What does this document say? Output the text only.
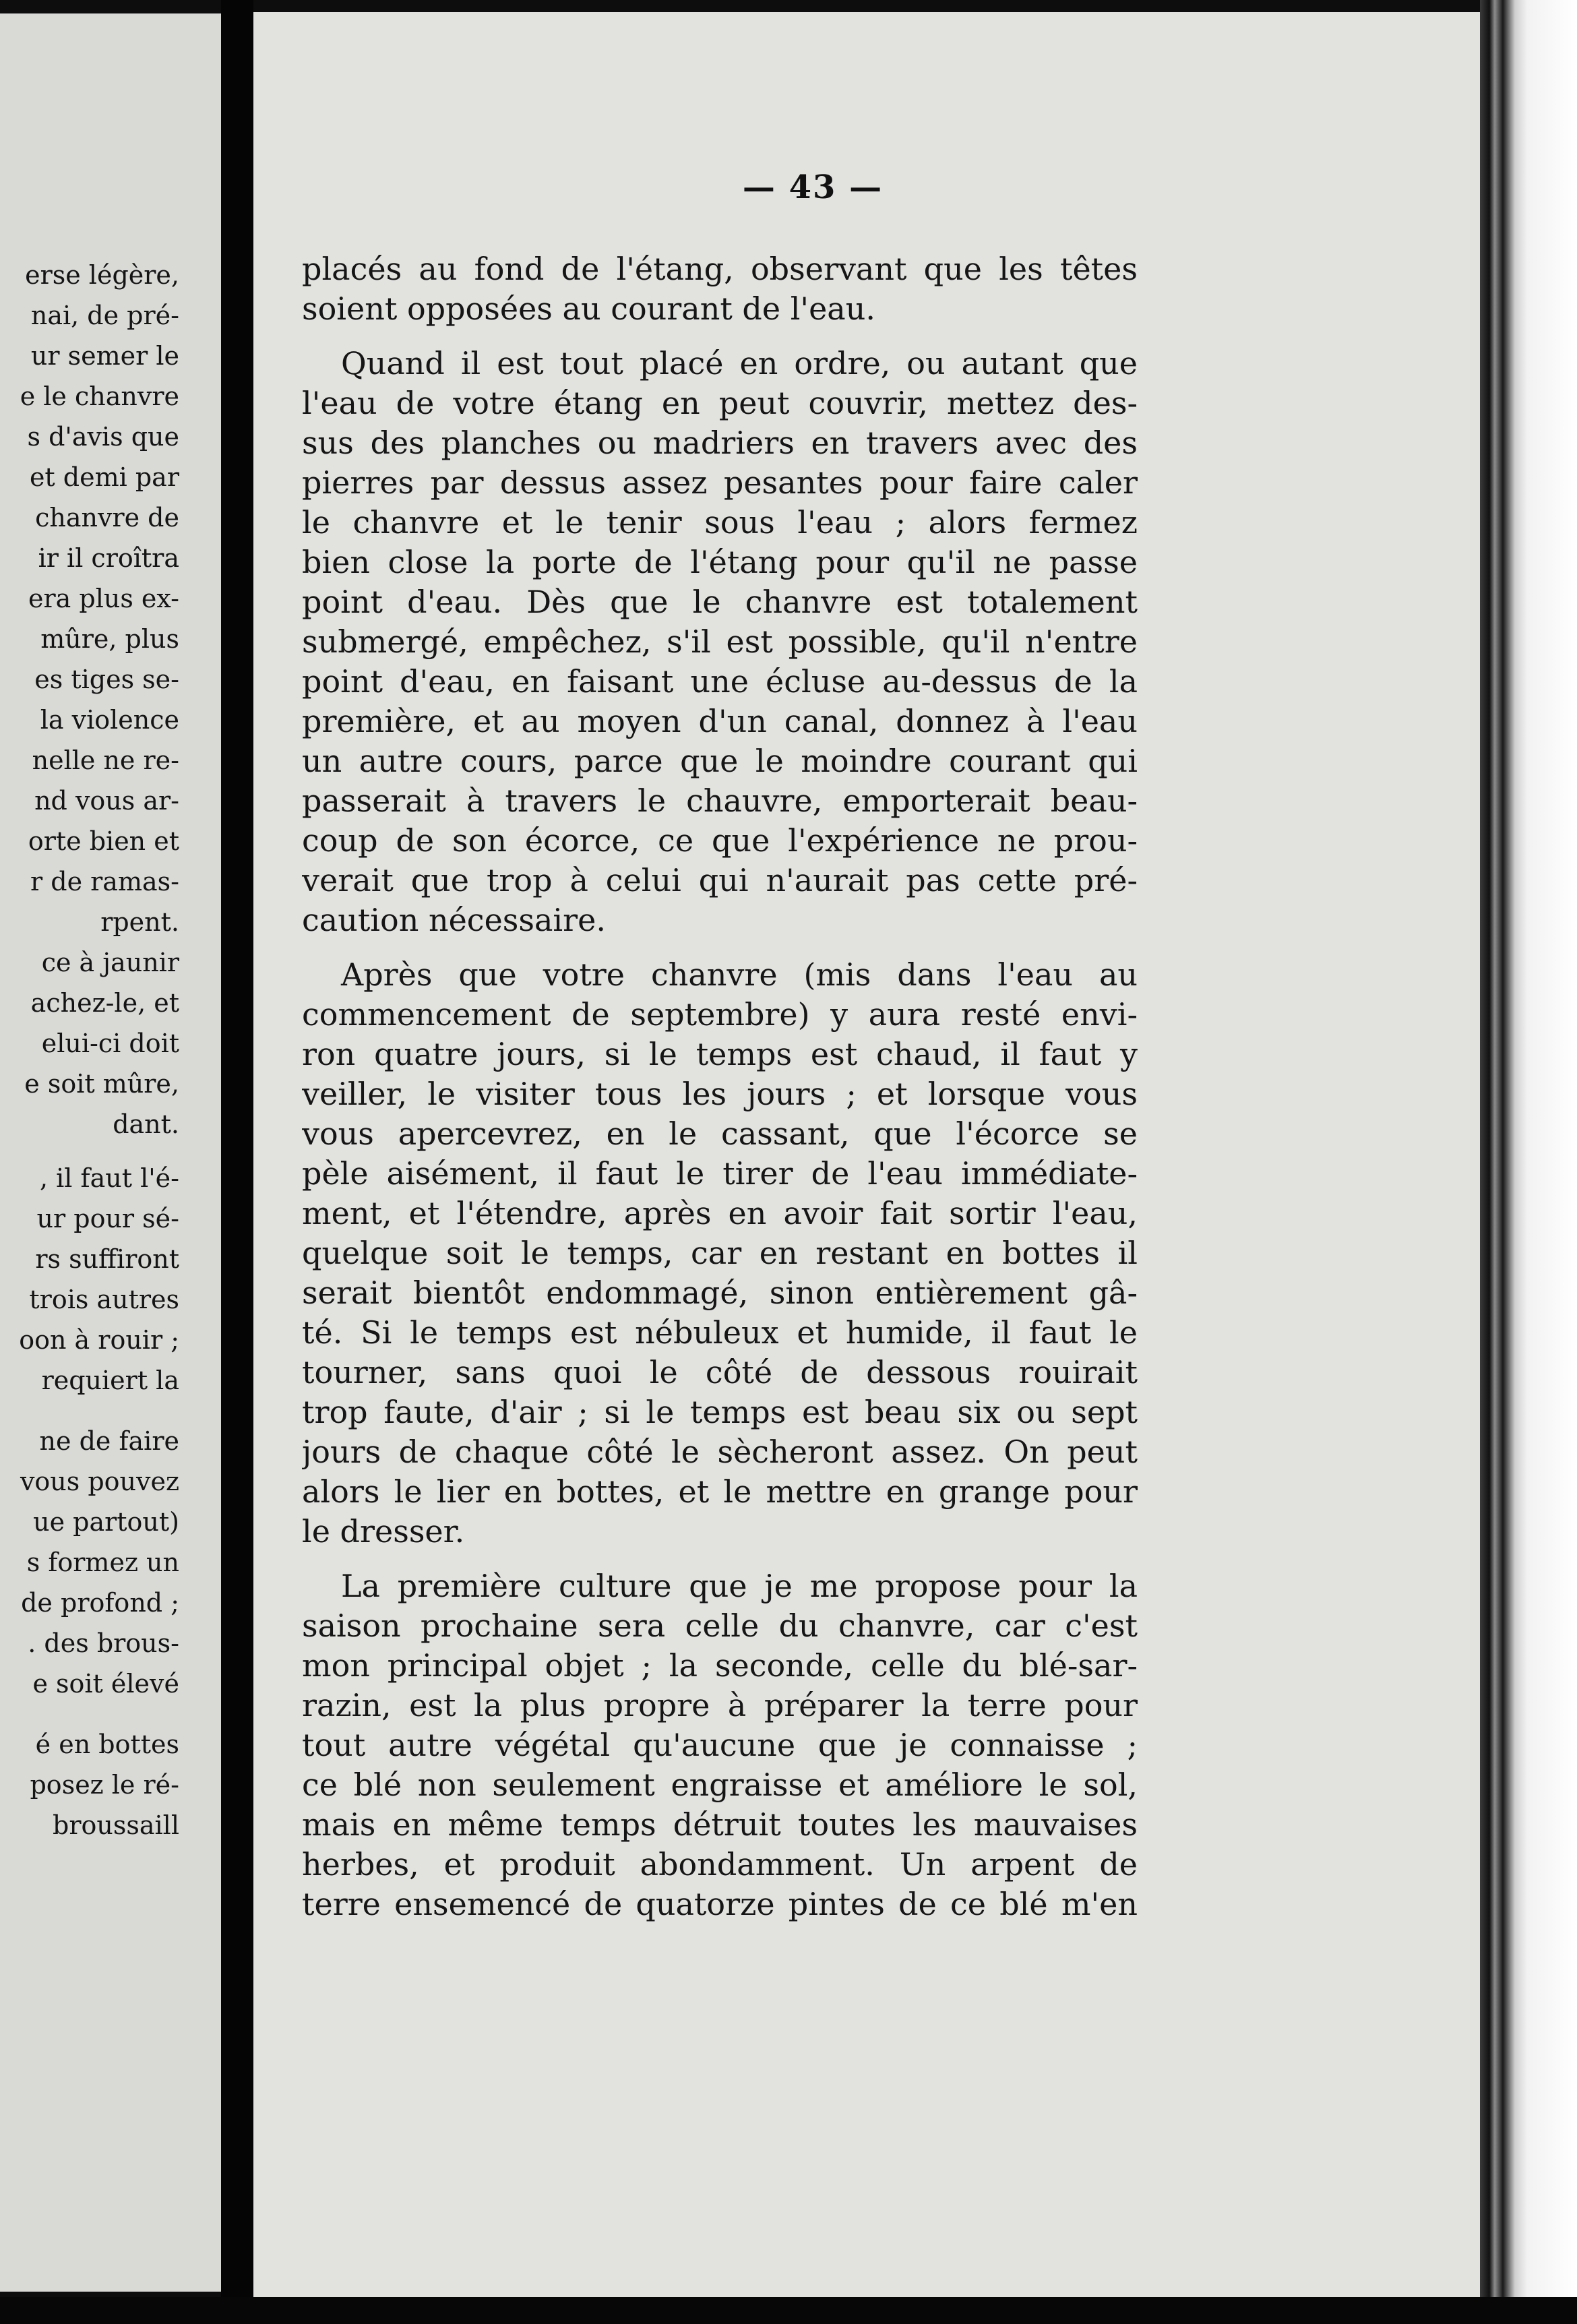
erse légère,
nai, de pré-
ur semer le
e le chanvre
s d'avis que
et demi par
chanvre de
ir il croîtra
era plus ex-
mûre, plus
es tiges se-
la violence
nelle ne re-
nd vous ar-
orte bien et
r de ramas-
rpent.
ce à jaunir
achez-le, et
elui-ci doit
e soit mûre,
dant.
, il faut l'é-
ur pour sé-
rs suffiront
trois autres
oon à rouir ;
requiert la
ne de faire
vous pouvez
ue partout)
s formez un
de profond ;
. des brous-
e soit élevé
é en bottes
posez le ré-
broussaill
— 43 —
placés au fond de l'étang, observant que les têtes
soient opposées au courant de l'eau.
Quand il est tout placé en ordre, ou autant que
l'eau de votre étang en peut couvrir, mettez des-
sus des planches ou madriers en travers avec des
pierres par dessus assez pesantes pour faire caler
le chanvre et le tenir sous l'eau ; alors fermez
bien close la porte de l'étang pour qu'il ne passe
point d'eau. Dès que le chanvre est totalement
submergé, empêchez, s'il est possible, qu'il n'entre
point d'eau, en faisant une écluse au-dessus de la
première, et au moyen d'un canal, donnez à l'eau
un autre cours, parce que le moindre courant qui
passerait à travers le chauvre, emporterait beau-
coup de son écorce, ce que l'expérience ne prou-
verait que trop à celui qui n'aurait pas cette pré-
caution nécessaire.
Après que votre chanvre (mis dans l'eau au
commencement de septembre) y aura resté envi-
ron quatre jours, si le temps est chaud, il faut y
veiller, le visiter tous les jours ; et lorsque vous
vous apercevrez, en le cassant, que l'écorce se
pèle aisément, il faut le tirer de l'eau immédiate-
ment, et l'étendre, après en avoir fait sortir l'eau,
quelque soit le temps, car en restant en bottes il
serait bientôt endommagé, sinon entièrement gâ-
té. Si le temps est nébuleux et humide, il faut le
tourner, sans quoi le côté de dessous rouirait
trop faute, d'air ; si le temps est beau six ou sept
jours de chaque côté le sècheront assez. On peut
alors le lier en bottes, et le mettre en grange pour
le dresser.
La première culture que je me propose pour la
saison prochaine sera celle du chanvre, car c'est
mon principal objet ; la seconde, celle du blé-sar-
razin, est la plus propre à préparer la terre pour
tout autre végétal qu'aucune que je connaisse ;
ce blé non seulement engraisse et améliore le sol,
mais en même temps détruit toutes les mauvaises
herbes, et produit abondamment. Un arpent de
terre ensemencé de quatorze pintes de ce blé m'en
